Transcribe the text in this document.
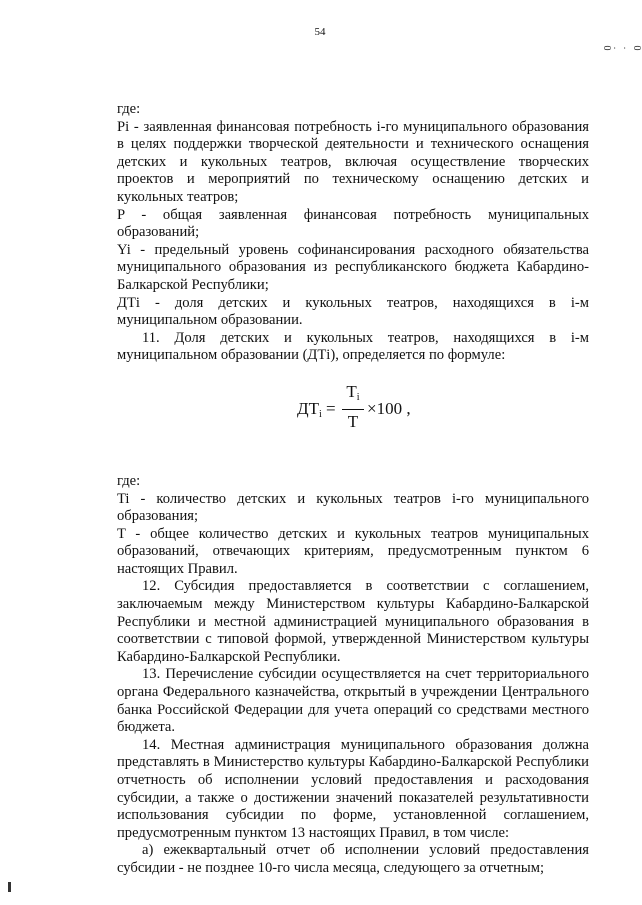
54
0
.
.
0

где:

Pi - заявленная финансовая потребность i-го муниципального образования в целях поддержки творческой деятельности и технического оснащения детских и кукольных театров, включая осуществление творческих проектов и мероприятий по техническому оснащению детских и кукольных театров;

P - общая заявленная финансовая потребность муниципальных образований;

Yi - предельный уровень софинансирования расходного обязательства муниципального образования из республиканского бюджета Кабардино-Балкарской Республики;

ДТi - доля детских и кукольных театров, находящихся в i-м муниципальном образовании.

11. Доля детских и кукольных театров, находящихся в i-м муниципальном образовании (ДТi), определяется по формуле:

$ДТ_i = \frac{T_i}{T} \times 100$ ,

где:

Ti - количество детских и кукольных театров i-го муниципального образования;

T - общее количество детских и кукольных театров муниципальных образований, отвечающих критериям, предусмотренным пунктом 6 настоящих Правил.

12. Субсидия предоставляется в соответствии с соглашением, заключаемым между Министерством культуры Кабардино-Балкарской Республики и местной администрацией муниципального образования в соответствии с типовой формой, утвержденной Министерством культуры Кабардино-Балкарской Республики.

13. Перечисление субсидии осуществляется на счет территориального органа Федерального казначейства, открытый в учреждении Центрального банка Российской Федерации для учета операций со средствами местного бюджета.

14. Местная администрация муниципального образования должна представлять в Министерство культуры Кабардино-Балкарской Республики отчетность об исполнении условий предоставления и расходования субсидии, а также о достижении значений показателей результативности использования субсидии по форме, установленной соглашением, предусмотренным пунктом 13 настоящих Правил, в том числе:

а) ежеквартальный отчет об исполнении условий предоставления субсидии - не позднее 10-го числа месяца, следующего за отчетным;
